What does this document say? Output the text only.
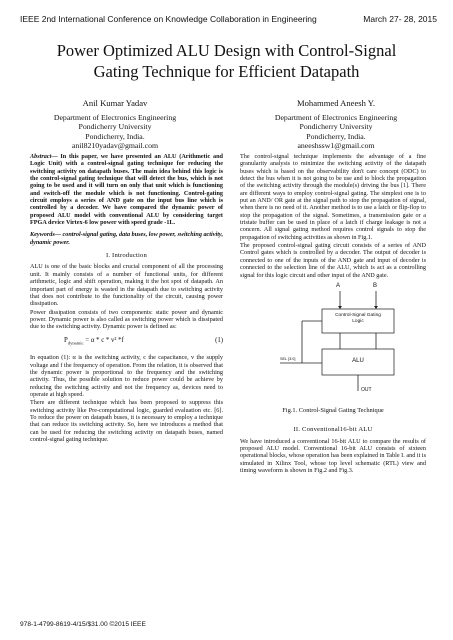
IEEE 2nd International Conference on Knowledge Collaboration in Engineering	March 27- 28, 2015
Power Optimized ALU Design with Control-Signal
Gating Technique for Efficient Datapath
Anil Kumar Yadav
Department of Electronics Engineering
Pondicherry University
Pondicherry, India.
anil8210yadav@gmail.com
Mohammed Aneesh Y.
Department of Electronics Engineering
Pondicherry University
Pondicherry, India.
aneeshssw1@gmail.com

Abstract— In this paper, we have presented an ALU (Arithmetic and Logic Unit) with a control-signal gating technique for reducing the switching activity on datapath buses. The main idea behind this logic is the control-signal gating technique that will detect the bus, which is not going to be used and it will turn on only that unit which is functioning and switch-off the module which is not functioning. Control-gating circuit employs a series of AND gate on the input bus line which is controlled by a decoder. We have compared the dynamic power of proposed ALU model with conventional ALU by considering target FPGA device Virtex-6 low power with speed grade -1L.

Keywords— control-signal gating, data buses, low power, switching activity, dynamic power.

I. Introduction

ALU is one of the basic blocks and crucial component of all the processing unit. It mainly consists of a number of functional units, for different arithmetic, logic and shift operation, making it the hot spot of datapath. An important part of energy is wasted in the datapath due to switching activity that does not contribute to the functionality of the circuit, causing power dissipation.

Power dissipation consists of two components: static power and dynamic power. Dynamic power is also called as switching power which is dissipated due to the switching activity. Dynamic power is defined as:

$P_{dynamic} = \alpha * c * v^2$ *f	(1)

In equation (1): α is the switching activity, c the capacitance, v the supply voltage and f the frequency of operation. From the relation, it is observed that the dynamic power is proportional to the frequency and the switching activity. Thus, the possible solution to reduce power could be achieve by reducing the switching activity and not the frequency as, devices need to operate at high speed.

There are different technique which has been proposed to suppress this switching activity like Pre-computational logic, guarded evaluation etc. [6]. To reduce the power on datapath buses, it is necessary to employ a technique that can reduce its switching activity. So, here we introduces a method that can be used for reducing the switching activity on datapath buses, named control-signal gating technique.

The control-signal technique implements the advantage of a fine granularity analysis to minimize the switching activity of the datapath buses which is based on the observability don't care concept (ODC) to detect the bus when it is not going to be use and to block the propagation of the switching activity through the module(s) driving the bus [1]. There are different ways to employ control-signal gating. The simplest one is to put an AND/ OR gate at the signal path to stop the propagation of signal, when there is no need of it. Another method is to use a latch or flip-flop to stop the propagation of the signal. Sometimes, a transmission gate or a tristate buffer can be used in place of a latch if charge leakage is not a concern. All signal gating method requires control signals to stop the propagation of switching activities as shown in Fig.1.

The proposed control-signal gating circuit consists of a series of AND Control gates which is controlled by a decoder. The output of decoder is connected to one of the inputs of the AND gate and input of decoder is connected to the selection line of the ALU, which is act as a controlling signal for this logic circuit and other input of the AND gate.

A	B
Control-Signal Gating
Logic
ALU
SEL [3:0]
OUT
Fig.1. Control-Signal Gating Technique
II. Conventional16-bit ALU

We have introduced a conventional 16-bit ALU to compare the results of proposed ALU model. Conventional 16-bit ALU consists of sixteen operational blocks, whose operation has been explained in Table I. and it is simulated in Xilinx Tool, whose top level schematic (RTL) view and timing waveform is shown in Fig.2 and Fig.3.

978-1-4799-8619-4/15/$31.00 ©2015 IEEE
